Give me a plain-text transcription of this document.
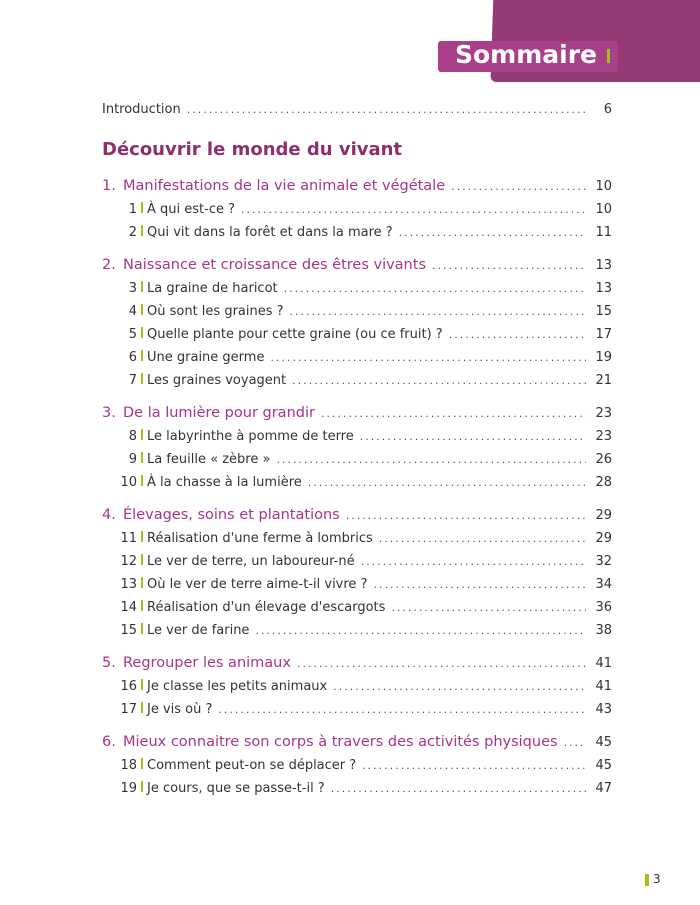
Sommaire
Introduction .....	6
Découvrir le monde du vivant
1. Manifestations de la vie animale et végétale .....	10
1 À qui est-ce ? .....	10
2 Qui vit dans la forêt et dans la mare ? .....	11
2. Naissance et croissance des êtres vivants .....	13
3 La graine de haricot .....	13
4 Où sont les graines ? .....	15
5 Quelle plante pour cette graine (ou ce fruit) ? .....	17
6 Une graine germe .....	19
7 Les graines voyagent .....	21
3. De la lumière pour grandir .....	23
8 Le labyrinthe à pomme de terre .....	23
9 La feuille « zèbre » .....	26
10 À la chasse à la lumière .....	28
4. Élevages, soins et plantations .....	29
11 Réalisation d'une ferme à lombrics .....	29
12 Le ver de terre, un laboureur-né .....	32
13 Où le ver de terre aime-t-il vivre ? .....	34
14 Réalisation d'un élevage d'escargots .....	36
15 Le ver de farine .....	38
5. Regrouper les animaux .....	41
16 Je classe les petits animaux .....	41
17 Je vis où ? .....	43
6. Mieux connaitre son corps à travers des activités physiques .....	45
18 Comment peut-on se déplacer ? .....	45
19 Je cours, que se passe-t-il ? .....	47
3
